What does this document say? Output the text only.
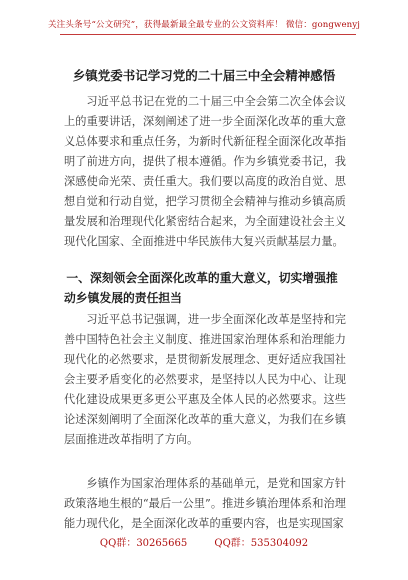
关注头条号“公文研究”，获得最新最全最专业的公文资料库！ 微信：gongwenyj
乡镇党委书记学习党的二十届三中全会精神感悟

习近平总书记在党的二十届三中全会第二次全体会议上的重要讲话，深刻阐述了进一步全面深化改革的重大意义总体要求和重点任务，为新时代新征程全面深化改革指明了前进方向，提供了根本遵循。作为乡镇党委书记，我深感使命光荣、责任重大。我们要以高度的政治自觉、思想自觉和行动自觉，把学习贯彻全会精神与推动乡镇高质量发展和治理现代化紧密结合起来，为全面建设社会主义现代化国家、全面推进中华民族伟大复兴贡献基层力量。

一、深刻领会全面深化改革的重大意义，切实增强推动乡镇发展的责任担当

习近平总书记强调，进一步全面深化改革是坚持和完善中国特色社会主义制度、推进国家治理体系和治理能力现代化的必然要求，是贯彻新发展理念、更好适应我国社会主要矛盾变化的必然要求，是坚持以人民为中心、让现代化建设成果更多更公平惠及全体人民的必然要求。这些论述深刻阐明了全面深化改革的重大意义，为我们在乡镇层面推进改革指明了方向。

乡镇作为国家治理体系的基础单元，是党和国家方针政策落地生根的“最后一公里”。推进乡镇治理体系和治理能力现代化，是全面深化改革的重要内容，也是实现国家

QQ群：30265665	QQ群：535304092
